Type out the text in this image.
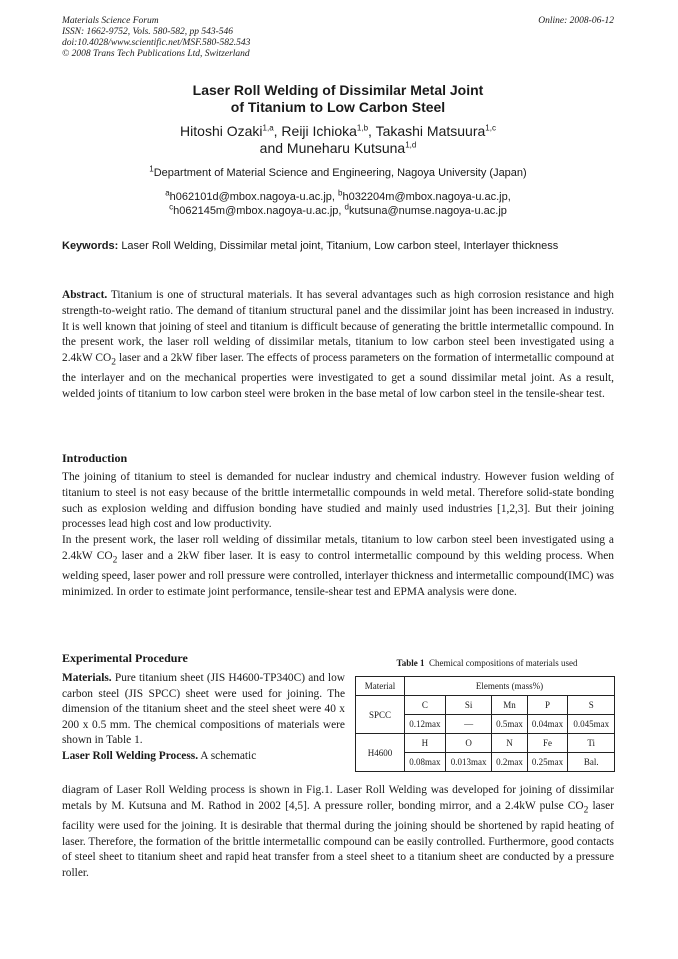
Materials Science Forum
ISSN: 1662-9752, Vols. 580-582, pp 543-546
doi:10.4028/www.scientific.net/MSF.580-582.543
© 2008 Trans Tech Publications Ltd, Switzerland
Online: 2008-06-12
Laser Roll Welding of Dissimilar Metal Joint
of Titanium to Low Carbon Steel
Hitoshi Ozaki$^{1,a}$, Reiji Ichioka$^{1,b}$, Takashi Matsuura$^{1,c}$
and Muneharu Kutsuna$^{1,d}$
$^1$Department of Material Science and Engineering, Nagoya University (Japan)
$^a$h062101d@mbox.nagoya-u.ac.jp, $^b$h032204m@mbox.nagoya-u.ac.jp,
$^c$h062145m@mbox.nagoya-u.ac.jp, $^d$kutsuna@numse.nagoya-u.ac.jp
Keywords: Laser Roll Welding, Dissimilar metal joint, Titanium, Low carbon steel, Interlayer thickness

Abstract. Titanium is one of structural materials. It has several advantages such as high corrosion resistance and high strength-to-weight ratio. The demand of titanium structural panel and the dissimilar joint has been increased in industry. It is well known that joining of steel and titanium is difficult because of generating the brittle intermetallic compound. In the present work, the laser roll welding of dissimilar metals, titanium to low carbon steel been investigated using a 2.4kW $CO_2$ laser and a 2kW fiber laser. The effects of process parameters on the formation of intermetallic compound at the interlayer and on the mechanical properties were investigated to get a sound dissimilar metal joint. As a result, welded joints of titanium to low carbon steel were broken in the base metal of low carbon steel in the tensile-shear test.

Introduction

The joining of titanium to steel is demanded for nuclear industry and chemical industry. However fusion welding of titanium to steel is not easy because of the brittle intermetallic compounds in weld metal. Therefore solid-state bonding such as explosion welding and diffusion bonding have studied and mainly used industries [1,2,3]. But their joining processes lead high cost and low productivity.
In the present work, the laser roll welding of dissimilar metals, titanium to low carbon steel been investigated using a 2.4kW $CO_2$ laser and a 2kW fiber laser. It is easy to control intermetallic compound by this welding process. When welding speed, laser power and roll pressure were controlled, interlayer thickness and intermetallic compound(IMC) was minimized. In order to estimate joint performance, tensile-shear test and EPMA analysis were done.

Experimental Procedure

Materials. Pure titanium sheet (JIS H4600-TP340C) and low carbon steel (JIS SPCC) sheet were used for joining. The dimension of the titanium sheet and the steel sheet were 40 x 200 x 0.5 mm. The chemical compositions of materials were shown in Table 1.
Laser Roll Welding Process. A schematic

diagram of Laser Roll Welding process is shown in Fig.1. Laser Roll Welding was developed for joining of dissimilar metals by M. Kutsuna and M. Rathod in 2002 [4,5]. A pressure roller, bonding mirror, and a 2.4kW pulse $CO_2$ laser facility were used for the joining. It is desirable that thermal during the joining should be shortened by rapid heating of laser. Therefore, the formation of the brittle intermetallic compound can be easily controlled. Furthermore, good contacts of steel sheet to titanium sheet and rapid heat transfer from a steel sheet to a titanium sheet are conducted by a pressure roller.

Table 1 Chemical compositions of materials used
Material	Elements (mass%)				
SPCC	C	Si	Mn	P	S
	0.12max	—	0.5max	0.04max	0.045max
H4600	H	O	N	Fe	Ti
	0.08max	0.013max	0.2max	0.25max	Bal.
